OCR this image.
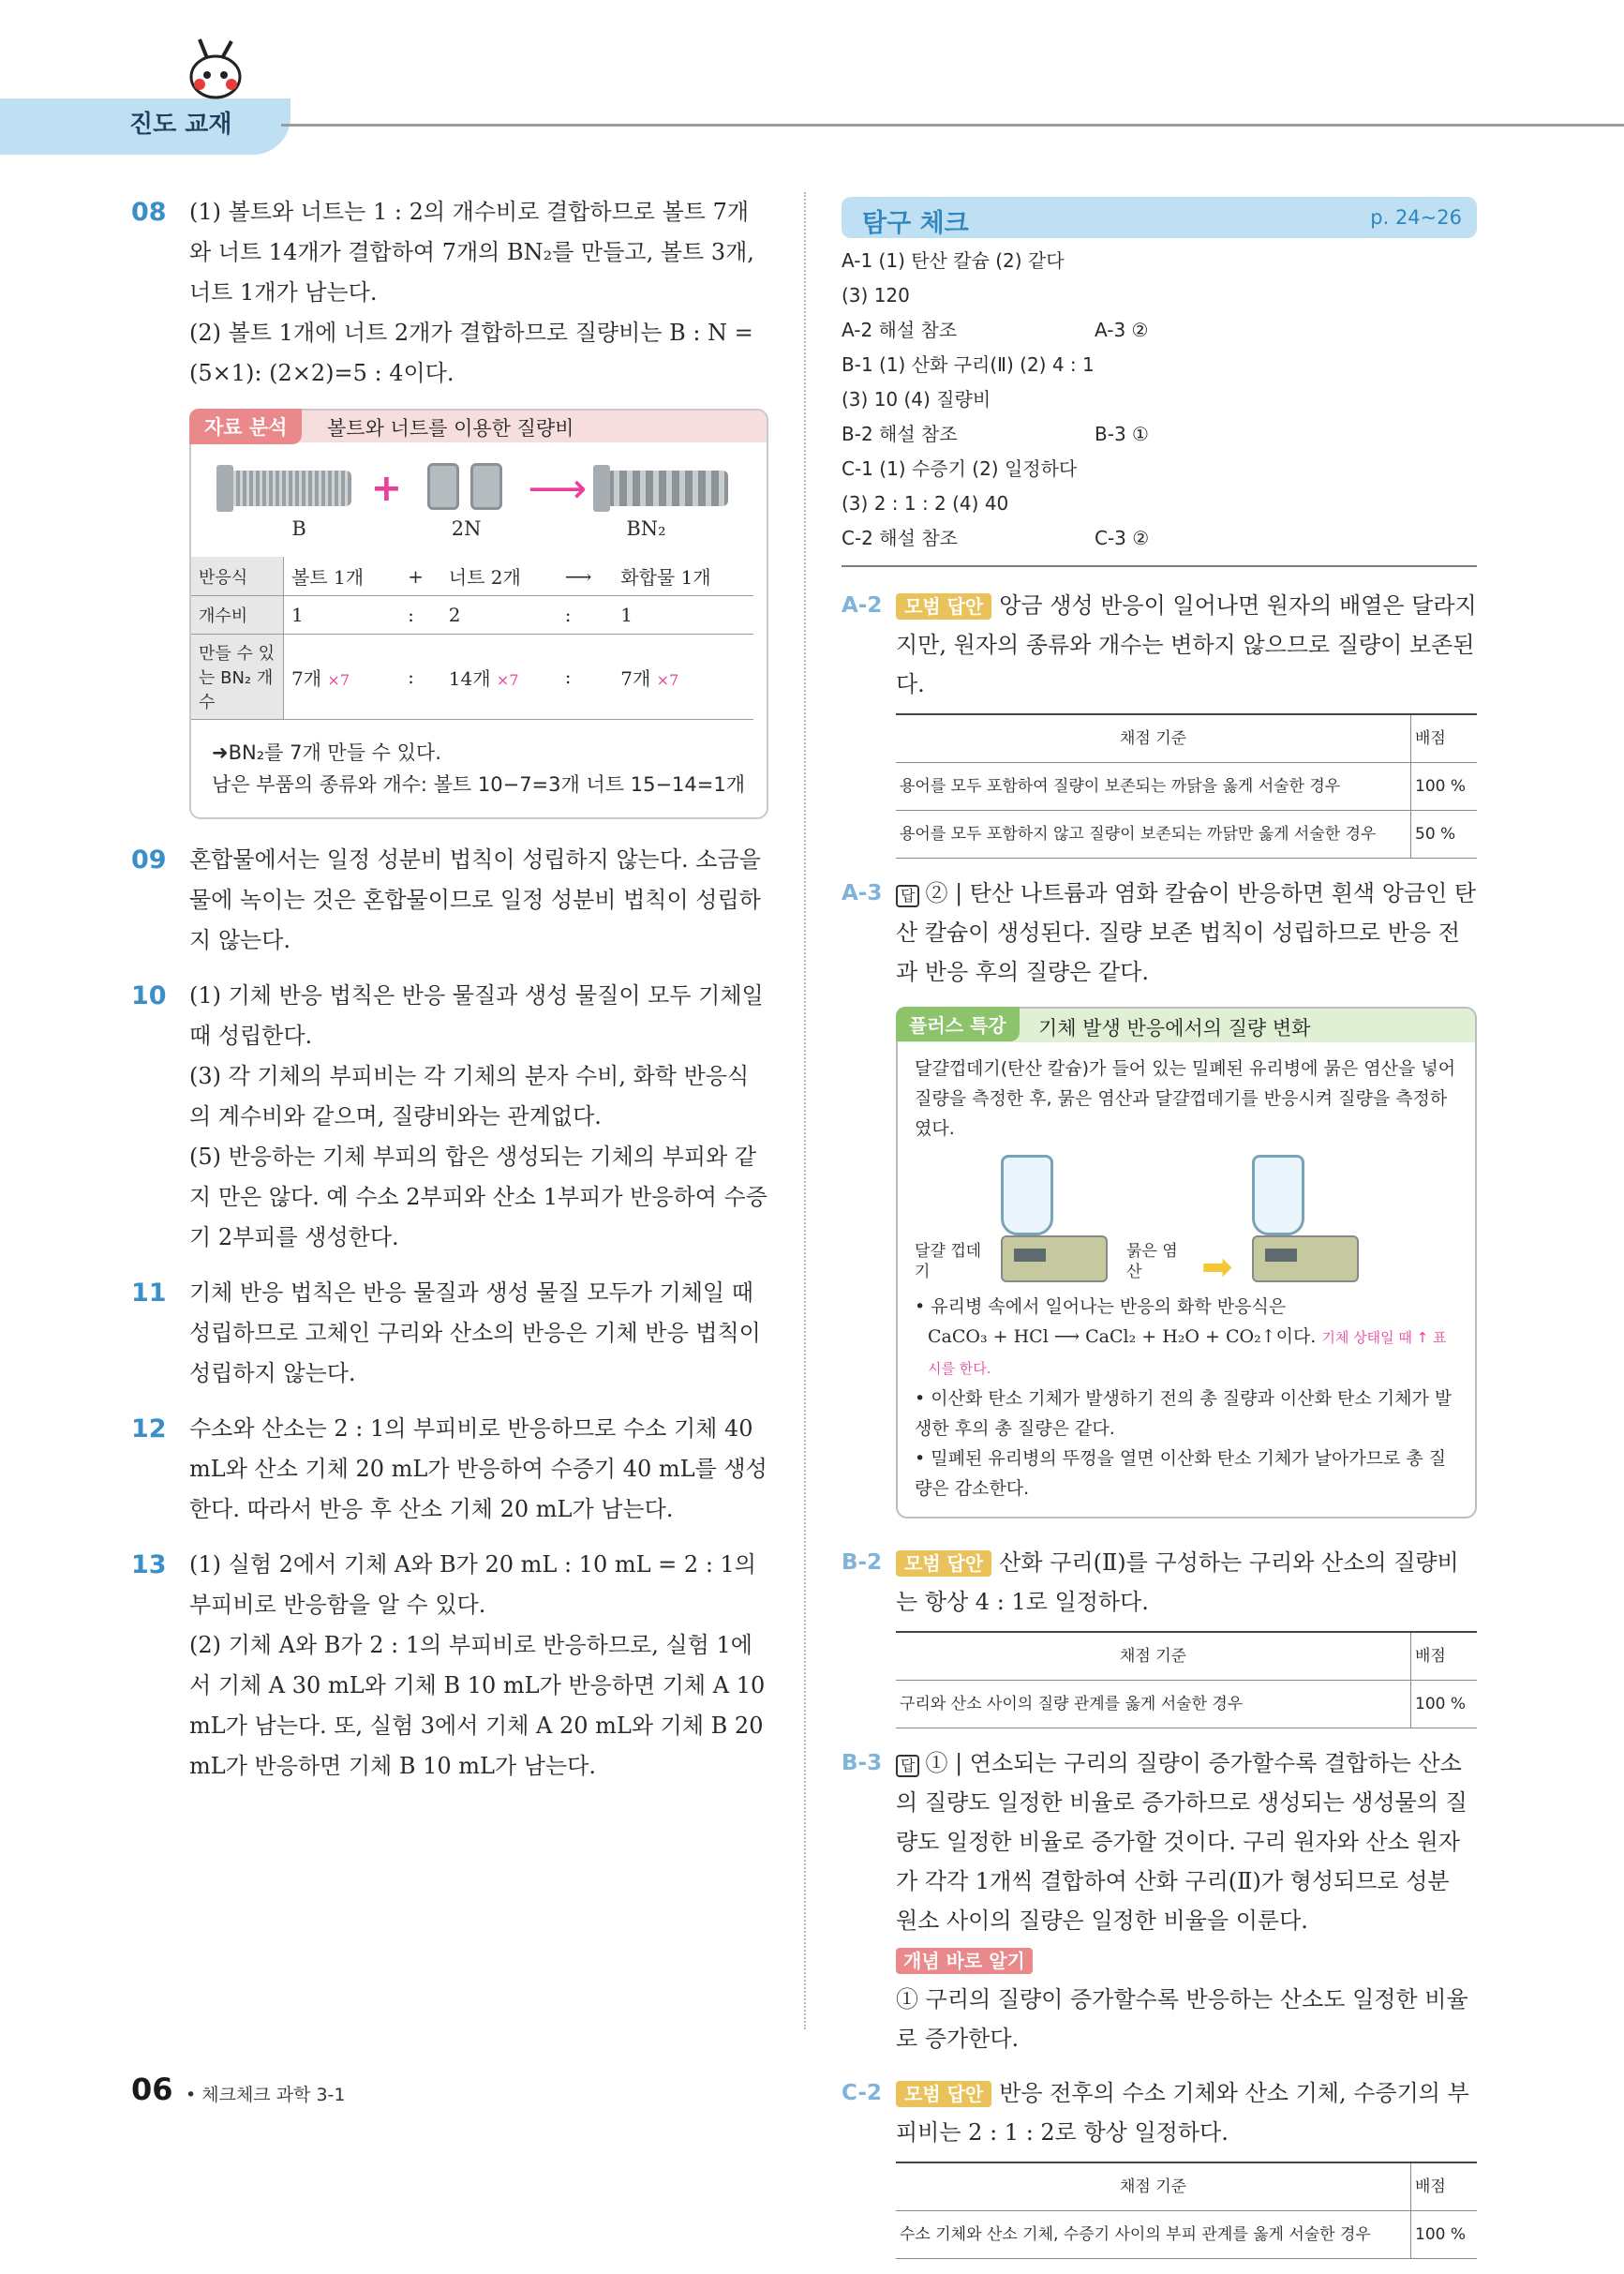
진도 교재
08 (1) 볼트와 너트는 1 : 2의 개수비로 결합하므로 볼트 7개와 너트 14개가 결합하여 7개의 BN₂를 만들고, 볼트 3개, 너트 1개가 남는다.

(2) 볼트 1개에 너트 2개가 결합하므로 질량비는 B : N =(5×1): (2×2)=5 : 4이다.

자료 분석	볼트와 너트를 이용한 질량비
+	⟶
B	2N	BN₂
반응식	볼트 1개	+	너트 2개	⟶	화합물 1개
개수비	1	:	2	:	1
만들 수 있는 BN₂ 개수	7개 ×7	:	14개 ×7	:	7개 ×7
➜BN₂를 7개 만들 수 있다.
남은 부품의 종류와 개수: 볼트 10−7=3개 너트 15−14=1개
09 혼합물에서는 일정 성분비 법칙이 성립하지 않는다. 소금을 물에 녹이는 것은 혼합물이므로 일정 성분비 법칙이 성립하지 않는다.

10 (1) 기체 반응 법칙은 반응 물질과 생성 물질이 모두 기체일 때 성립한다.

(3) 각 기체의 부피비는 각 기체의 분자 수비, 화학 반응식의 계수비와 같으며, 질량비와는 관계없다.

(5) 반응하는 기체 부피의 합은 생성되는 기체의 부피와 같지 만은 않다. 예 수소 2부피와 산소 1부피가 반응하여 수증기 2부피를 생성한다.

11 기체 반응 법칙은 반응 물질과 생성 물질 모두가 기체일 때 성립하므로 고체인 구리와 산소의 반응은 기체 반응 법칙이 성립하지 않는다.

12 수소와 산소는 2 : 1의 부피비로 반응하므로 수소 기체 40 mL와 산소 기체 20 mL가 반응하여 수증기 40 mL를 생성한다. 따라서 반응 후 산소 기체 20 mL가 남는다.

13 (1) 실험 2에서 기체 A와 B가 20 mL : 10 mL = 2 : 1의 부피비로 반응함을 알 수 있다.

(2) 기체 A와 B가 2 : 1의 부피비로 반응하므로, 실험 1에서 기체 A 30 mL와 기체 B 10 mL가 반응하면 기체 A 10 mL가 남는다. 또, 실험 3에서 기체 A 20 mL와 기체 B 20 mL가 반응하면 기체 B 10 mL가 남는다.

탐구 체크	p. 24~26
A-1 (1) 탄산 칼슘 (2) 같다 (3) 120
A-2 해설 참조	A-3 ②
B-1 (1) 산화 구리(Ⅱ) (2) 4 : 1 (3) 10 (4) 질량비
B-2 해설 참조	B-3 ①
C-1 (1) 수증기 (2) 일정하다 (3) 2 : 1 : 2 (4) 40
C-2 해설 참조	C-3 ②
A-2	모범 답안 앙금 생성 반응이 일어나면 원자의 배열은 달라지지만, 원자의 종류와 개수는 변하지 않으므로 질량이 보존된다.

채점 기준	배점
용어를 모두 포함하여 질량이 보존되는 까닭을 옳게 서술한 경우	100 %
용어를 모두 포함하지 않고 질량이 보존되는 까닭만 옳게 서술한 경우	50 %
A-3	답 ② | 탄산 나트륨과 염화 칼슘이 반응하면 흰색 앙금인 탄산 칼슘이 생성된다. 질량 보존 법칙이 성립하므로 반응 전과 반응 후의 질량은 같다.

플러스 특강	기체 발생 반응에서의 질량 변화

달걀껍데기(탄산 칼슘)가 들어 있는 밀폐된 유리병에 묽은 염산을 넣어 질량을 측정한 후, 묽은 염산과 달걀껍데기를 반응시켜 질량을 측정하였다.

달걀 껍데기
묽은 염산	➡

• 유리병 속에서 일어나는 반응의 화학 반응식은

CaCO₃ + HCl ⟶ CaCl₂ + H₂O + CO₂↑이다. 기체 상태일 때 ↑ 표시를 한다.

• 이산화 탄소 기체가 발생하기 전의 총 질량과 이산화 탄소 기체가 발생한 후의 총 질량은 같다.

• 밀폐된 유리병의 뚜껑을 열면 이산화 탄소 기체가 날아가므로 총 질량은 감소한다.

B-2	모범 답안 산화 구리(Ⅱ)를 구성하는 구리와 산소의 질량비는 항상 4 : 1로 일정하다.

채점 기준	배점
구리와 산소 사이의 질량 관계를 옳게 서술한 경우	100 %
B-3	답 ① | 연소되는 구리의 질량이 증가할수록 결합하는 산소의 질량도 일정한 비율로 증가하므로 생성되는 생성물의 질량도 일정한 비율로 증가할 것이다. 구리 원자와 산소 원자가 각각 1개씩 결합하여 산화 구리(Ⅱ)가 형성되므로 성분 원소 사이의 질량은 일정한 비율을 이룬다.

개념 바로 알기

① 구리의 질량이 증가할수록 반응하는 산소도 일정한 비율로 증가한다.

C-2	모범 답안 반응 전후의 수소 기체와 산소 기체, 수증기의 부피비는 2 : 1 : 2로 항상 일정하다.

채점 기준	배점
수소 기체와 산소 기체, 수증기 사이의 부피 관계를 옳게 서술한 경우	100 %
06 • 체크체크 과학 3-1
